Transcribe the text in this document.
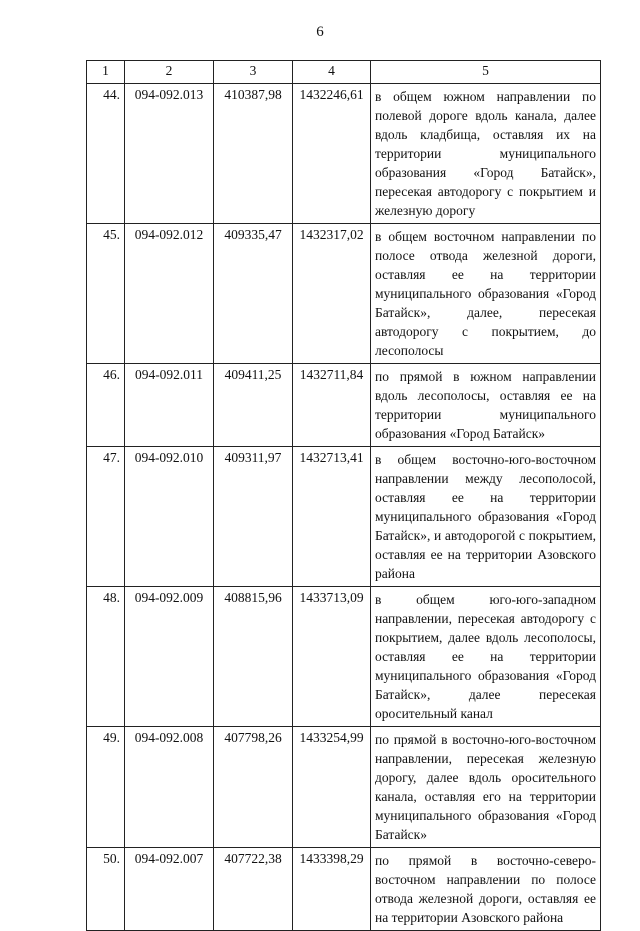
6
1	2	3	4	5
44.	094-092.013	410387,98	1432246,61	в общем южном направлении по полевой дороге вдоль канала, далее вдоль кладбища, оставляя их на территории муниципального образования «Город Батайск», пересекая автодорогу с покрытием и железную дорогу
45.	094-092.012	409335,47	1432317,02	в общем восточном направлении по полосе отвода железной дороги, оставляя ее на территории муниципального образования «Город Батайск», далее, пересекая автодорогу с покрытием, до лесополосы
46.	094-092.011	409411,25	1432711,84	по прямой в южном направлении вдоль лесополосы, оставляя ее на территории муниципального образования «Город Батайск»
47.	094-092.010	409311,97	1432713,41	в общем восточно-юго-восточном направлении между лесополосой, оставляя ее на территории муниципального образования «Город Батайск», и автодорогой с покрытием, оставляя ее на территории Азовского района
48.	094-092.009	408815,96	1433713,09	в общем юго-юго-западном направлении, пересекая автодорогу с покрытием, далее вдоль лесополосы, оставляя ее на территории муниципального образования «Город Батайск», далее пересекая оросительный канал
49.	094-092.008	407798,26	1433254,99	по прямой в восточно-юго-восточном направлении, пересекая железную дорогу, далее вдоль оросительного канала, оставляя его на территории муниципального образования «Город Батайск»
50.	094-092.007	407722,38	1433398,29	по прямой в восточно-северо-восточном направлении по полосе отвода железной дороги, оставляя ее на территории Азовского района
